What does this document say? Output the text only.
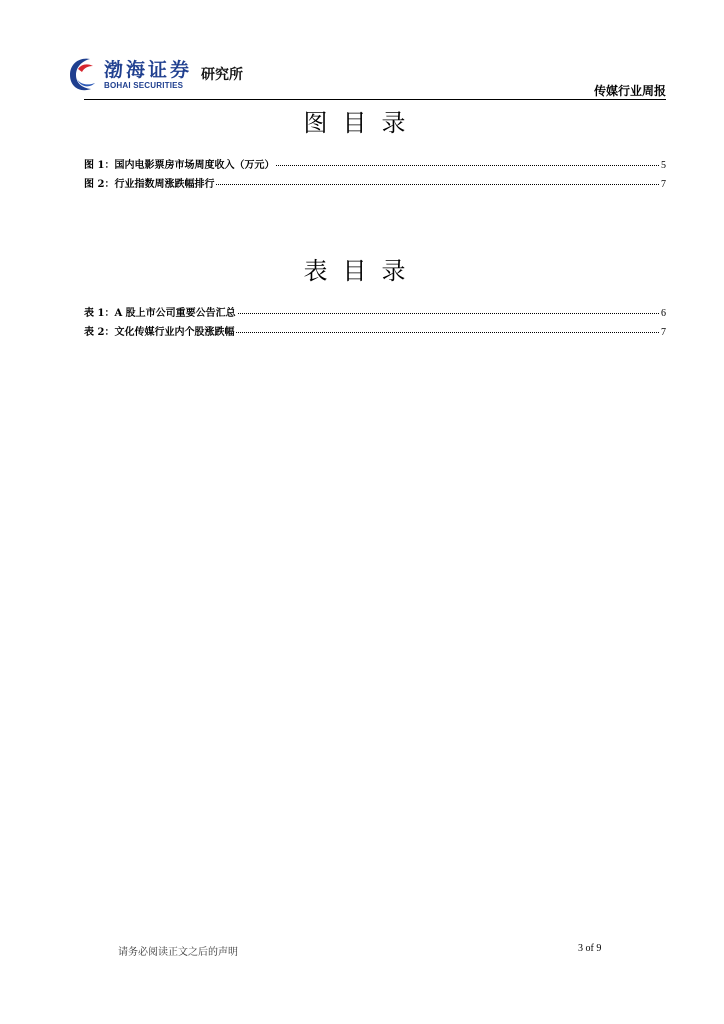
渤海证券
BOHAI SECURITIES
研究所
传媒行业周报
图目录
图 1：国内电影票房市场周度收入（万元）	5
图 2：行业指数周涨跌幅排行	7
表目录
表 1：A 股上市公司重要公告汇总	6
表 2：文化传媒行业内个股涨跌幅	7
请务必阅读正文之后的声明	3 of 9
